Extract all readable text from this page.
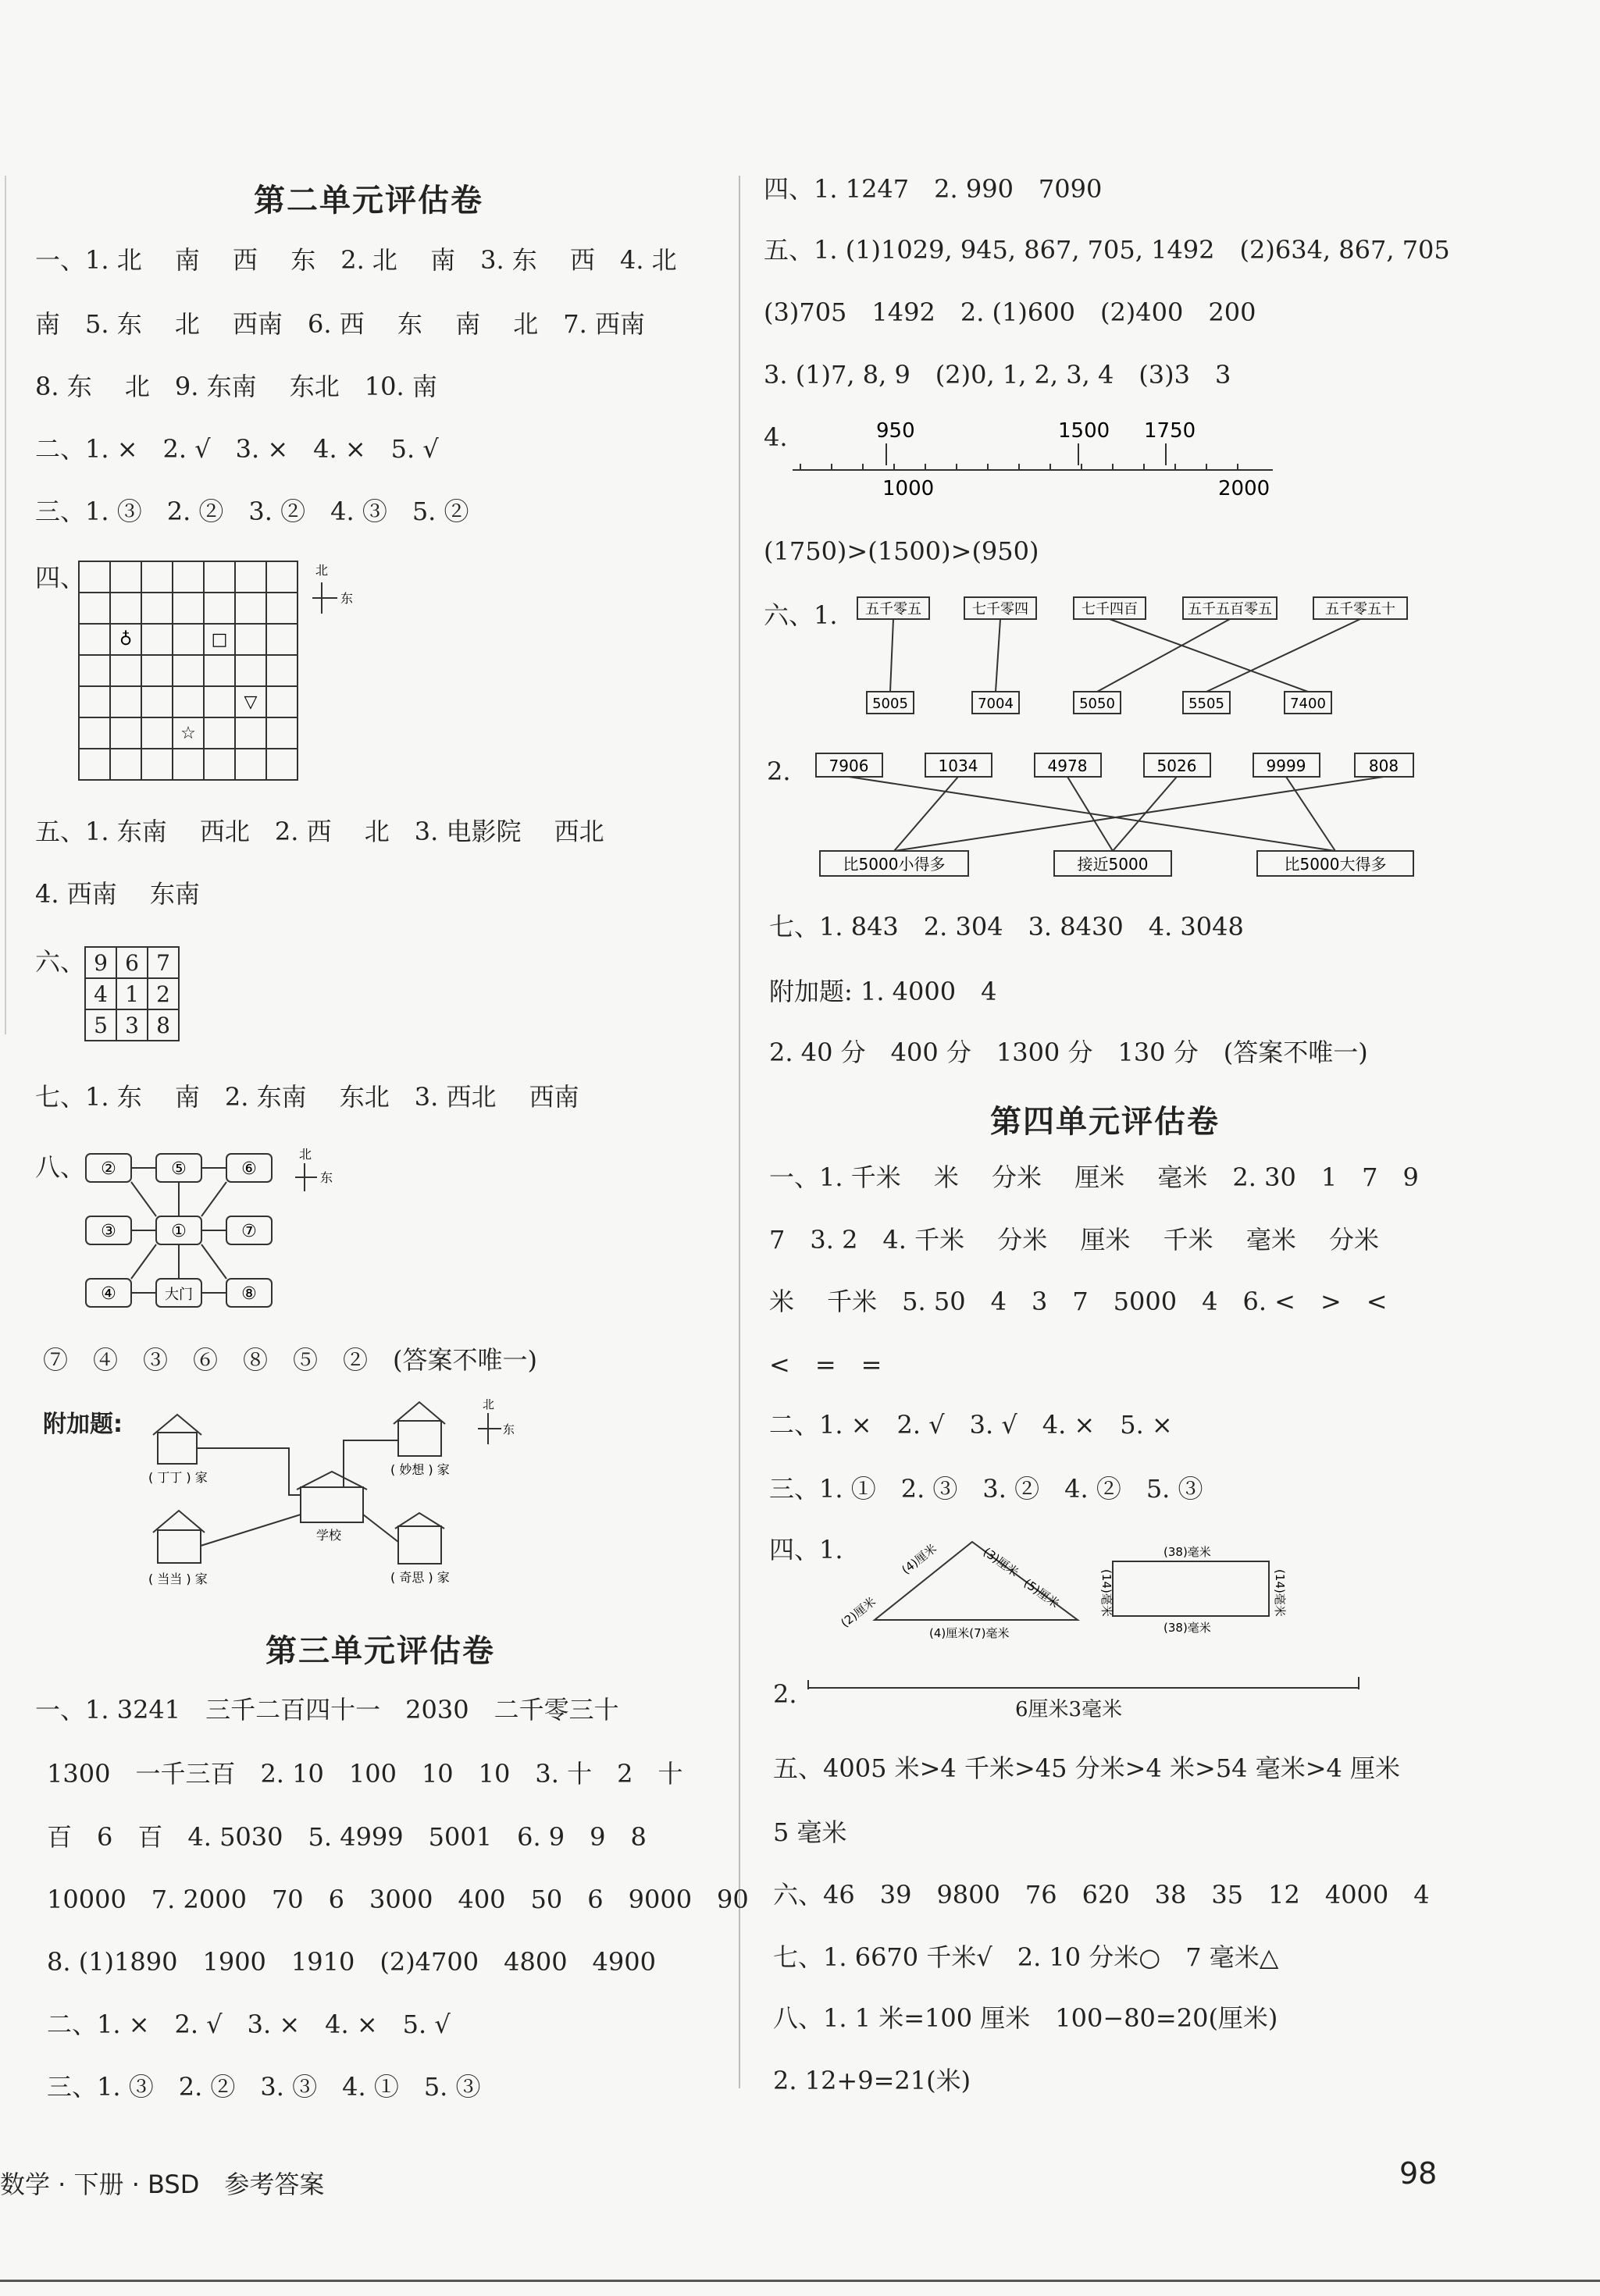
第二单元评估卷
一、1. 北　 南　 西　 东　2. 北　 南　3. 东　 西　4. 北
南　5. 东　 北　 西南　6. 西　 东　 南　 北　7. 西南
8. 东　 北　9. 东南　 东北　10. 南
二、1. ×　2. √　3. ×　4. ×　5. √
三、1. ③　2. ②　3. ②　4. ③　5. ②
四、
♁	□
▽
☆
北
东
五、1. 东南　 西北　2. 西　 北　3. 电影院　 西北
4. 西南　 东南
六、 9	6	7
4	1	2
5	3	8
七、1. 东　 南　2. 东南　 东北　3. 西北　 西南
八、 ②	⑤	⑥
③	①	⑦
④	大门	⑧
北
东
⑦　④　③　⑥　⑧　⑤　②　(答案不唯一)
附加题:
( 丁丁 ) 家
( 妙想 ) 家
学校
( 当当 ) 家	( 奇思 ) 家
北
东
第三单元评估卷
一、1. 3241　三千二百四十一　2030　二千零三十
1300　一千三百　2. 10　100　10　10　3. 十　2　十
百　6　百　4. 5030　5. 4999　5001　6. 9　9　8
10000　7. 2000　70　6　3000　400　50　6　9000　90
8. (1)1890　1900　1910　(2)4700　4800　4900
二、1. ×　2. √　3. ×　4. ×　5. √
三、1. ③　2. ②　3. ③　4. ①　5. ③
四、1. 1247　2. 990　7090
五、1. (1)1029, 945, 867, 705, 1492　(2)634, 867, 705
(3)705　1492　2. (1)600　(2)400　200
3. (1)7, 8, 9　(2)0, 1, 2, 3, 4　(3)3　3
4.	950	1500 1750
1000	2000
(1750)>(1500)>(950)
六、1. 五千零五	七千零四	七千四百	五千五百零五	五千零五十
5005	7004	5050	5505	7400
2. 7906	1034	4978	5026	9999	808
比5000小得多	接近5000	比5000大得多
七、1. 843　2. 304　3. 8430　4. 3048
附加题: 1. 4000　4
2. 40 分　400 分　1300 分　130 分　(答案不唯一)
第四单元评估卷
一、1. 千米　 米　 分米　 厘米　 毫米　2. 30　1　7　9
7　3. 2　4. 千米　 分米　 厘米　 千米　 毫米　 分米
米　 千米　5. 50　4　3　7　5000　4　6. <　>　<
<　=　=
二、1. ×　2. √　3. √　4. ×　5. ×
三、1. ①　2. ③　3. ②　4. ②　5. ③
四、1.	(4)厘米	(3)厘米
(5)厘米
(2)厘米
(4)厘米(7)毫米
(38)毫米
(14)毫米
(38)毫米
(14)毫米
2.
6厘米3毫米
五、4005 米>4 千米>45 分米>4 米>54 毫米>4 厘米
5 毫米
六、46　39　9800　76　620　38　35　12　4000　4
七、1. 6670 千米√　2. 10 分米○　7 毫米△
八、1. 1 米=100 厘米　100−80=20(厘米)
2. 12+9=21(米)
数学 · 下册 · BSD　参考答案	98
